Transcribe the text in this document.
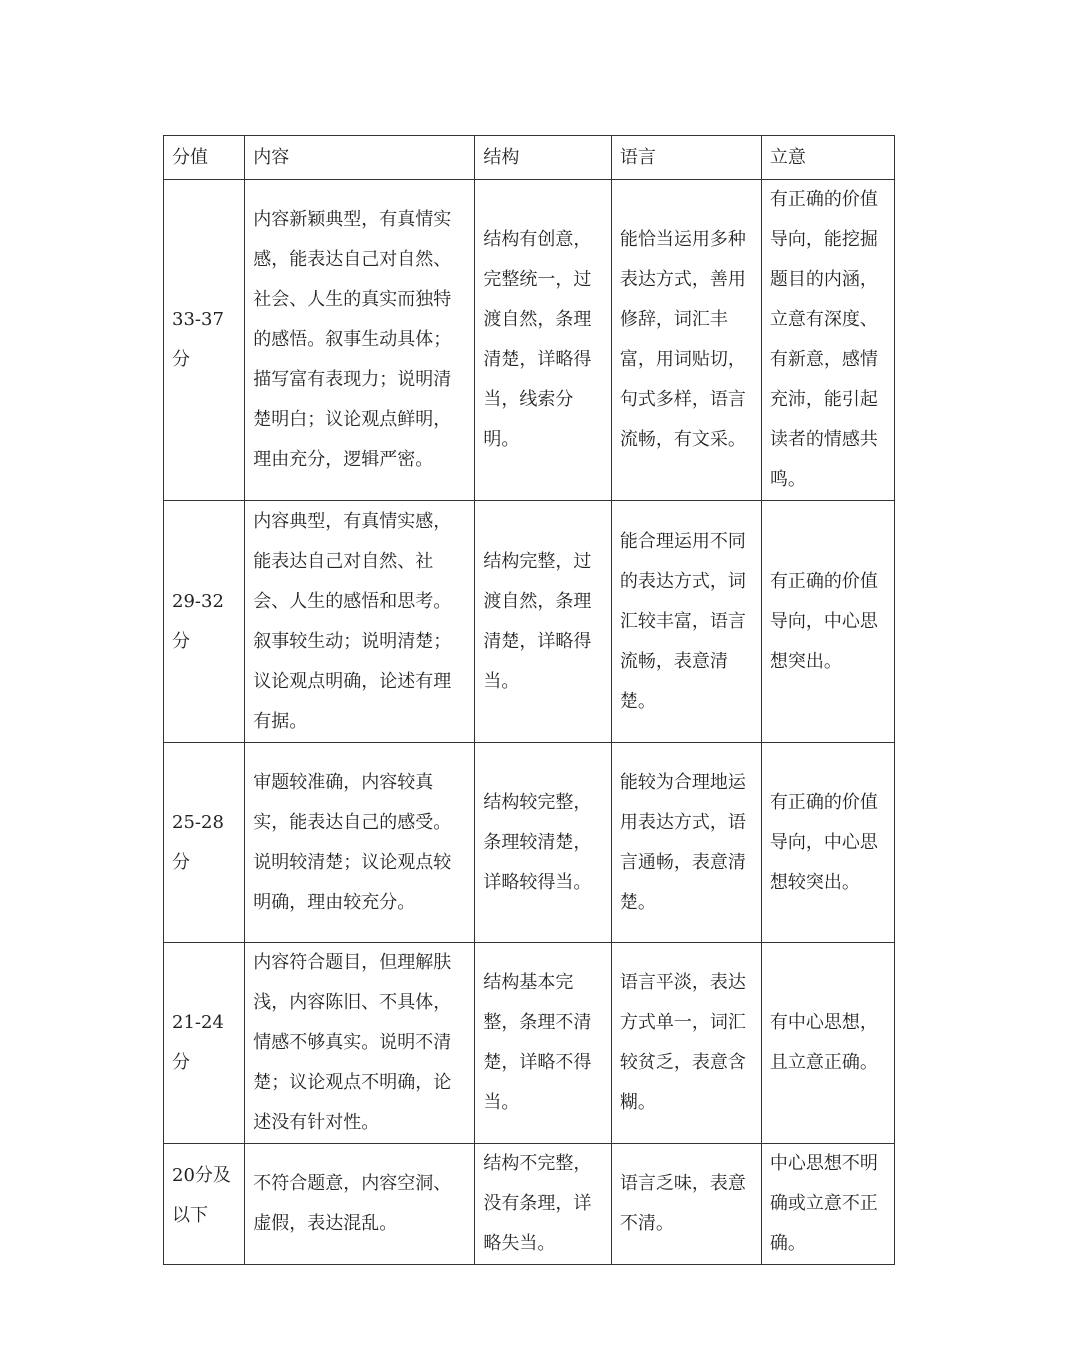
分值	内容	结构	语言	立意
33-37分	内容新颖典型，有真情实感，能表达自己对自然、社会、人生的真实而独特的感悟。叙事生动具体；描写富有表现力；说明清楚明白；议论观点鲜明，理由充分，逻辑严密。	结构有创意，完整统一，过渡自然，条理清楚，详略得当，线索分明。	能恰当运用多种表达方式，善用修辞，词汇丰富，用词贴切，句式多样，语言流畅，有文采。	有正确的价值导向，能挖掘题目的内涵，立意有深度、有新意，感情充沛，能引起读者的情感共鸣。
29-32分	内容典型，有真情实感，能表达自己对自然、社会、人生的感悟和思考。叙事较生动；说明清楚；议论观点明确，论述有理有据。	结构完整，过渡自然，条理清楚，详略得当。	能合理运用不同的表达方式，词汇较丰富，语言流畅，表意清楚。	有正确的价值导向，中心思想突出。
25-28分	审题较准确，内容较真实，能表达自己的感受。说明较清楚；议论观点较明确，理由较充分。	结构较完整，条理较清楚，详略较得当。	能较为合理地运用表达方式，语言通畅，表意清楚。	有正确的价值导向，中心思想较突出。
21-24分	内容符合题目，但理解肤浅，内容陈旧、不具体，情感不够真实。说明不清楚；议论观点不明确，论述没有针对性。	结构基本完整，条理不清楚，详略不得当。	语言平淡，表达方式单一，词汇较贫乏，表意含糊。	有中心思想，且立意正确。
20分及以下	不符合题意，内容空洞、虚假，表达混乱。	结构不完整，没有条理，详略失当。	语言乏味，表意不清。	中心思想不明确或立意不正确。
